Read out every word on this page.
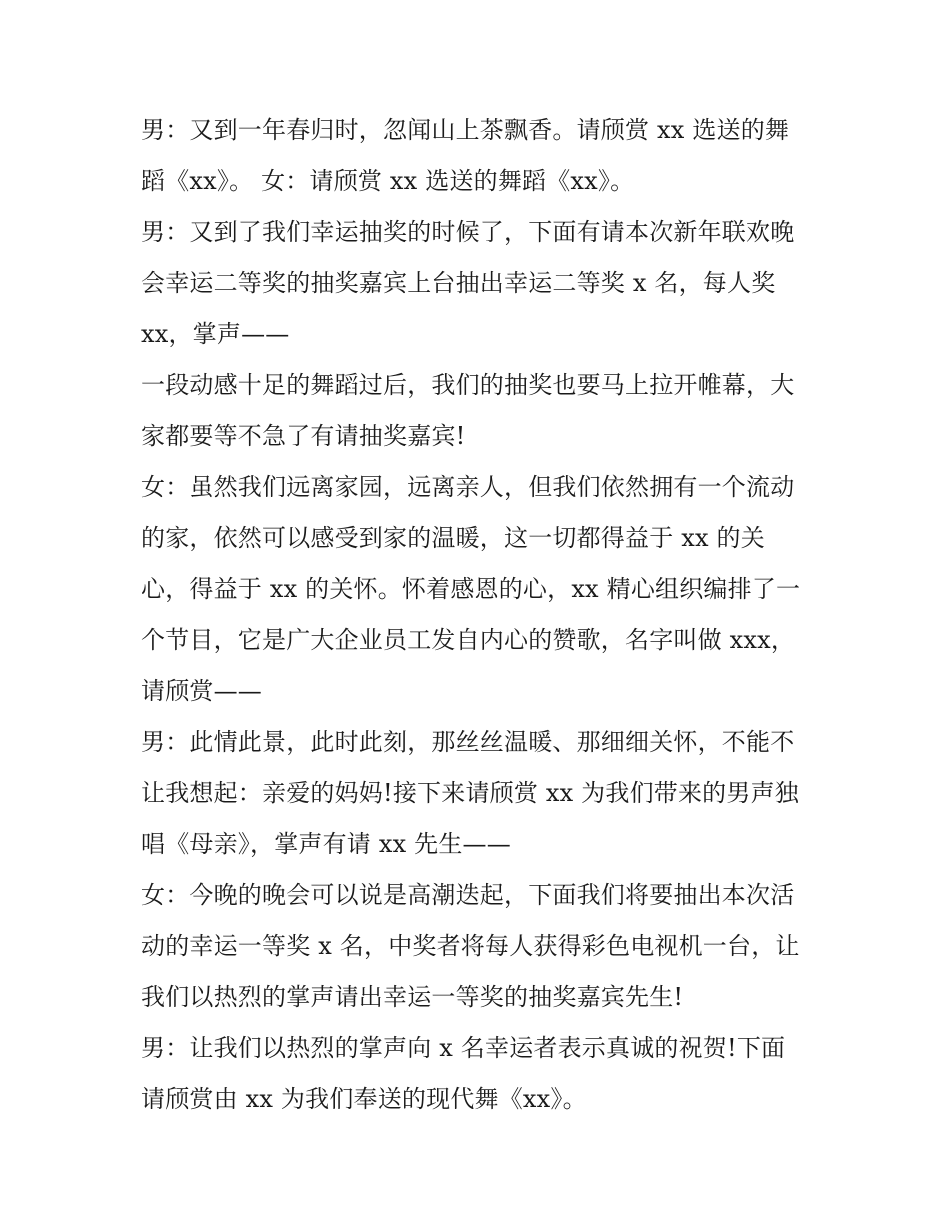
男：又到一年春归时，忽闻山上茶飘香。请颀赏 xx 选送的舞
蹈《xx》。 女：请颀赏 xx 选送的舞蹈《xx》。
男：又到了我们幸运抽奖的时候了，下面有请本次新年联欢晚
会幸运二等奖的抽奖嘉宾上台抽出幸运二等奖 x 名，每人奖
xx，掌声——
一段动感十足的舞蹈过后，我们的抽奖也要马上拉开帷幕，大
家都要等不急了有请抽奖嘉宾!
女：虽然我们远离家园，远离亲人，但我们依然拥有一个流动
的家，依然可以感受到家的温暖，这一切都得益于 xx 的关
心，得益于 xx 的关怀。怀着感恩的心，xx 精心组织编排了一
个节目，它是广大企业员工发自内心的赞歌，名字叫做 xxx，
请颀赏——
男：此情此景，此时此刻，那丝丝温暖、那细细关怀，不能不
让我想起：亲爱的妈妈!接下来请颀赏 xx 为我们带来的男声独
唱《母亲》，掌声有请 xx 先生——
女：今晚的晚会可以说是高潮迭起，下面我们将要抽出本次活
动的幸运一等奖 x 名，中奖者将每人获得彩色电视机一台，让
我们以热烈的掌声请出幸运一等奖的抽奖嘉宾先生!
男：让我们以热烈的掌声向 x 名幸运者表示真诚的祝贺!下面
请颀赏由 xx 为我们奉送的现代舞《xx》。
